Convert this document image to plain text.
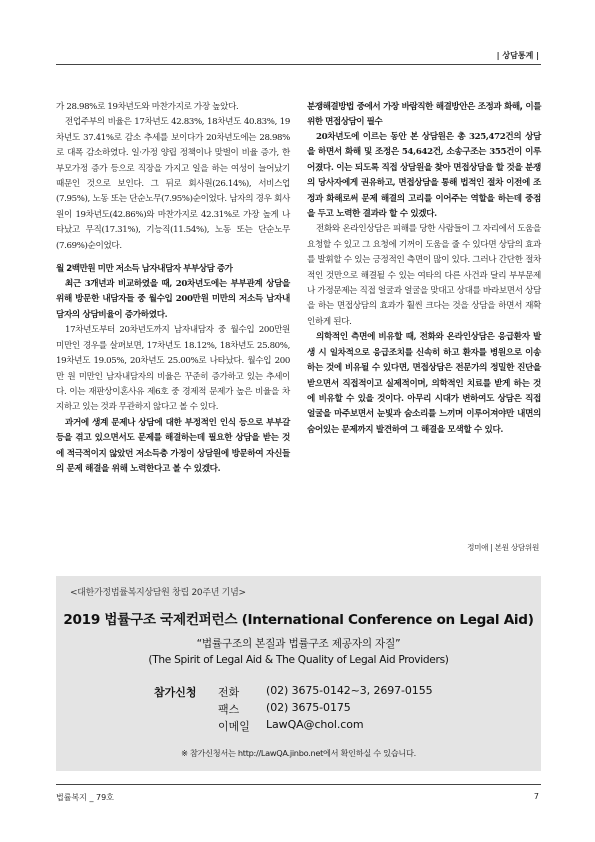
| 상담통계 |

가 28.98%로 19차년도와 마찬가지로 가장 높았다.

전업주부의 비율은 17차년도 42.83%, 18차년도 40.83%, 19차년도 37.41%로 감소 추세를 보이다가 20차년도에는 28.98%로 대폭 감소하였다. 일·가정 양립 정책이나 맞벌이 비율 증가, 한부모가정 증가 등으로 직장을 가지고 일을 하는 여성이 늘어났기 때문인 것으로 보인다. 그 뒤로 회사원(26.14%), 서비스업(7.95%), 노동 또는 단순노무(7.95%)순이었다. 남자의 경우 회사원이 19차년도(42.86%)와 마찬가지로 42.31%로 가장 높게 나타났고 무직(17.31%), 기능직(11.54%), 노동 또는 단순노무(7.69%)순이었다.

월 2백만원 미만 저소득 남자내담자 부부상담 증가

최근 3개년과 비교하였을 때, 20차년도에는 부부관계 상담을 위해 방문한 내담자들 중 월수입 200만원 미만의 저소득 남자내담자의 상담비율이 증가하였다.

17차년도부터 20차년도까지 남자내담자 중 월수입 200만원 미만인 경우를 살펴보면, 17차년도 18.12%, 18차년도 25.80%, 19차년도 19.05%, 20차년도 25.00%로 나타났다. 월수입 200만 원 미만인 남자내담자의 비율은 꾸준히 증가하고 있는 추세이다. 이는 재판상이혼사유 제6호 중 경제적 문제가 높은 비율을 차지하고 있는 것과 무관하지 않다고 볼 수 있다.

과거에 생계 문제나 상담에 대한 부정적인 인식 등으로 부부갈등을 겪고 있으면서도 문제를 해결하는데 필요한 상담을 받는 것에 적극적이지 않았던 저소득층 가정이 상담원에 방문하여 자신들의 문제 해결을 위해 노력한다고 볼 수 있겠다.

분쟁해결방법 중에서 가장 바람직한 해결방안은 조정과 화해, 이를 위한 면접상담이 필수

20차년도에 이르는 동안 본 상담원은 총 325,472건의 상담을 하면서 화해 및 조정은 54,642건, 소송구조는 355건이 이루어졌다. 이는 되도록 직접 상담원을 찾아 면접상담을 할 것을 분쟁의 당사자에게 권유하고, 면접상담을 통해 법적인 절차 이전에 조정과 화해로써 문제 해결의 고리를 이어주는 역할을 하는데 중점을 두고 노력한 결과라 할 수 있겠다.

전화와 온라인상담은 피해를 당한 사람들이 그 자리에서 도움을 요청할 수 있고 그 요청에 기꺼이 도움을 줄 수 있다면 상담의 효과를 발휘할 수 있는 긍정적인 측면이 많이 있다. 그러나 간단한 절차적인 것만으로 해결될 수 있는 여타의 다른 사건과 달리 부부문제나 가정문제는 직접 얼굴과 얼굴을 맞대고 상대를 바라보면서 상담을 하는 면접상담의 효과가 훨씬 크다는 것을 상담을 하면서 재확인하게 된다.

의학적인 측면에 비유할 때, 전화와 온라인상담은 응급환자 발생 시 일차적으로 응급조치를 신속히 하고 환자를 병원으로 이송하는 것에 비유될 수 있다면, 면접상담은 전문가의 정밀한 진단을 받으면서 직접적이고 실제적이며, 의학적인 치료를 받게 하는 것에 비유할 수 있을 것이다. 아무리 시대가 변하여도 상담은 직접 얼굴을 마주보면서 눈빛과 숨소리를 느끼며 이루어져야만 내면의 숨어있는 문제까지 발견하여 그 해결을 모색할 수 있다.

정미애 | 본원 상담위원
<대한가정법률복지상담원 창립 20주년 기념>
2019 법률구조 국제컨퍼런스 (International Conference on Legal Aid)
“법률구조의 본질과 법률구조 제공자의 자질”
(The Spirit of Legal Aid & The Quality of Legal Aid Providers)
참가신청 전화	(02) 3675-0142~3, 2697-0155
팩스	(02) 3675-0175
이메일	LawQA@chol.com
※ 참가신청서는 http://LawQA.jinbo.net에서 확인하실 수 있습니다.
법률복지 _ 79호	7
